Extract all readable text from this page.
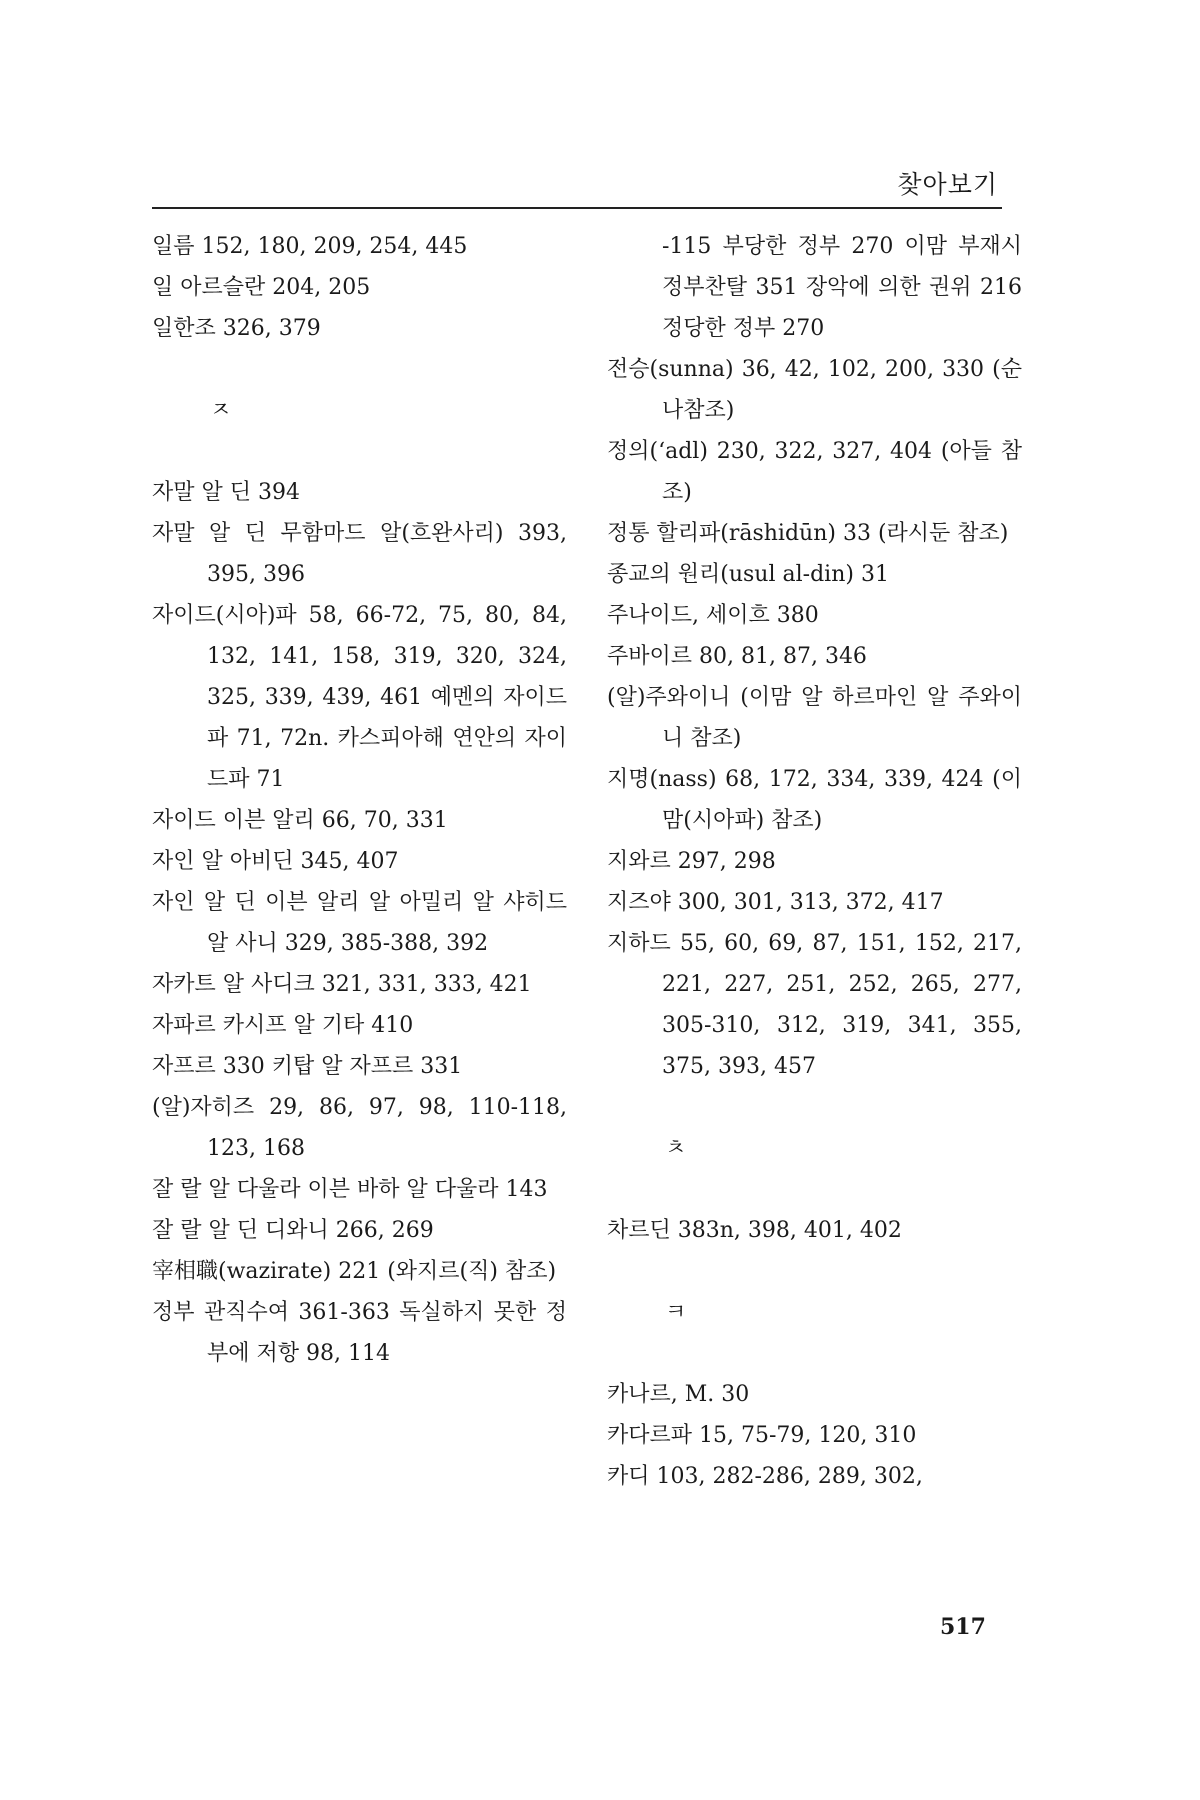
찾아보기
일름 152, 180, 209, 254, 445
일 아르슬란 204, 205
일한조 326, 379
ㅈ
자말 알 딘 394
자말 알 딘 무함마드 알(흐완사리) 393, 395, 396
자이드(시아)파 58, 66-72, 75, 80, 84, 132, 141, 158, 319, 320, 324, 325, 339, 439, 461 예멘의 자이드파 71, 72n. 카스피아해 연안의 자이드파 71
자이드 이븐 알리 66, 70, 331
자인 알 아비딘 345, 407
자인 알 딘 이븐 알리 알 아밀리 알 샤히드 알 사니 329, 385-388, 392
자카트 알 사디크 321, 331, 333, 421
자파르 카시프 알 기타 410
자프르 330 키탑 알 자프르 331
(알)자히즈 29, 86, 97, 98, 110-118, 123, 168
잘 랄 알 다울라 이븐 바하 알 다울라 143
잘 랄 알 딘 디와니 266, 269
宰相職(wazirate) 221 (와지르(직) 참조)
정부 관직수여 361-363 독실하지 못한 정부에 저항 98, 114
-115 부당한 정부 270 이맘 부재시 정부찬탈 351 장악에 의한 권위 216 정당한 정부 270
전승(sunna) 36, 42, 102, 200, 330 (순나참조)
정의(‘adl) 230, 322, 327, 404 (아들 참조)
정통 할리파(rāshidūn) 33 (라시둔 참조)
종교의 원리(usul al-din) 31
주나이드, 세이흐 380
주바이르 80, 81, 87, 346
(알)주와이니 (이맘 알 하르마인 알 주와이니 참조)
지명(nass) 68, 172, 334, 339, 424 (이맘(시아파) 참조)
지와르 297, 298
지즈야 300, 301, 313, 372, 417
지하드 55, 60, 69, 87, 151, 152, 217, 221, 227, 251, 252, 265, 277, 305-310, 312, 319, 341, 355, 375, 393, 457
ㅊ
차르딘 383n, 398, 401, 402
ㅋ
카나르, M. 30
카다르파 15, 75-79, 120, 310
카디 103, 282-286, 289, 302,
517
